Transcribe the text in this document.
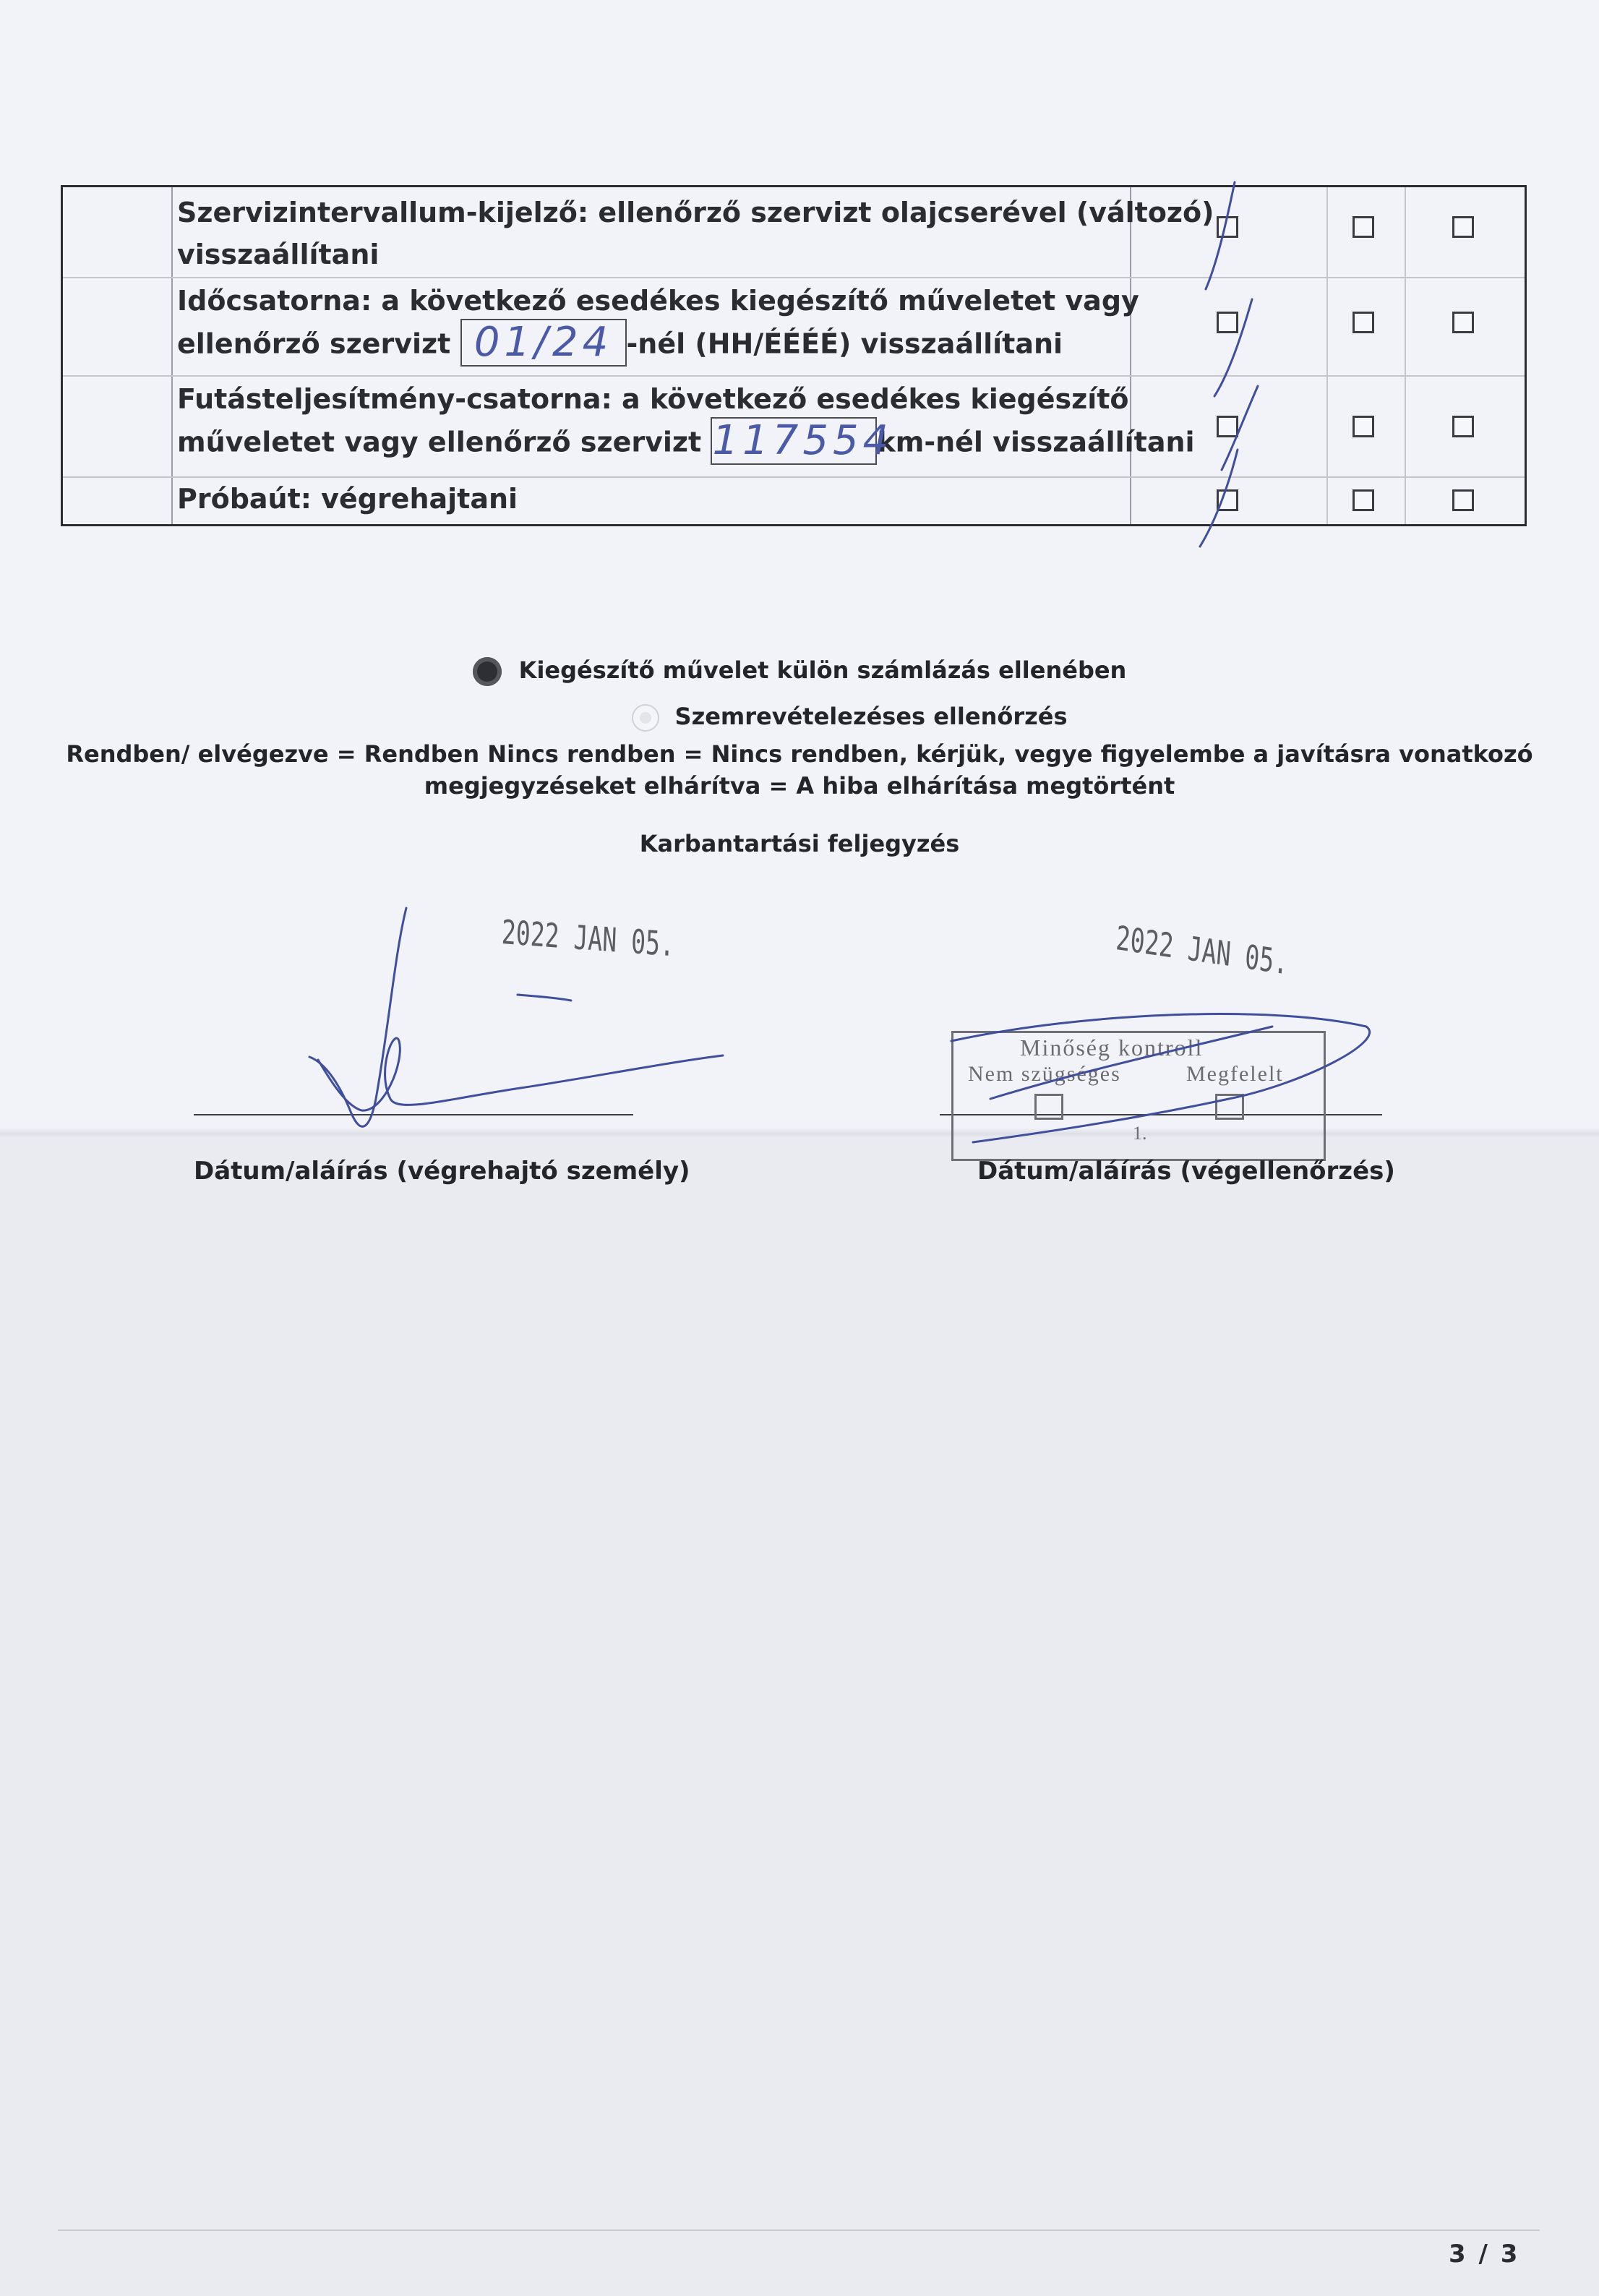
Szervizintervallum-kijelző: ellenőrző szervizt olajcserével (változó)
visszaállítani
Időcsatorna: a következő esedékes kiegészítő műveletet vagy
ellenőrző szervizt 01/24 -nél (HH/ÉÉÉÉ) visszaállítani
Futásteljesítmény-csatorna: a következő esedékes kiegészítő
műveletet vagy ellenőrző szervizt 117554km-nél visszaállítani
Próbaút: végrehajtani
Kiegészítő művelet külön számlázás ellenében
Szemrevételezéses ellenőrzés
Rendben/ elvégezve = Rendben Nincs rendben = Nincs rendben, kérjük, vegye figyelembe a javításra vonatkozó
megjegyzéseket elhárítva = A hiba elhárítása megtörtént
Karbantartási feljegyzés
2022 JAN 05.	2022 JAN 05.
Minőség kontroll
Nem szügséges	Megfelelt
1.
Dátum/aláírás (végrehajtó személy)	Dátum/aláírás (végellenőrzés)
3 / 3
